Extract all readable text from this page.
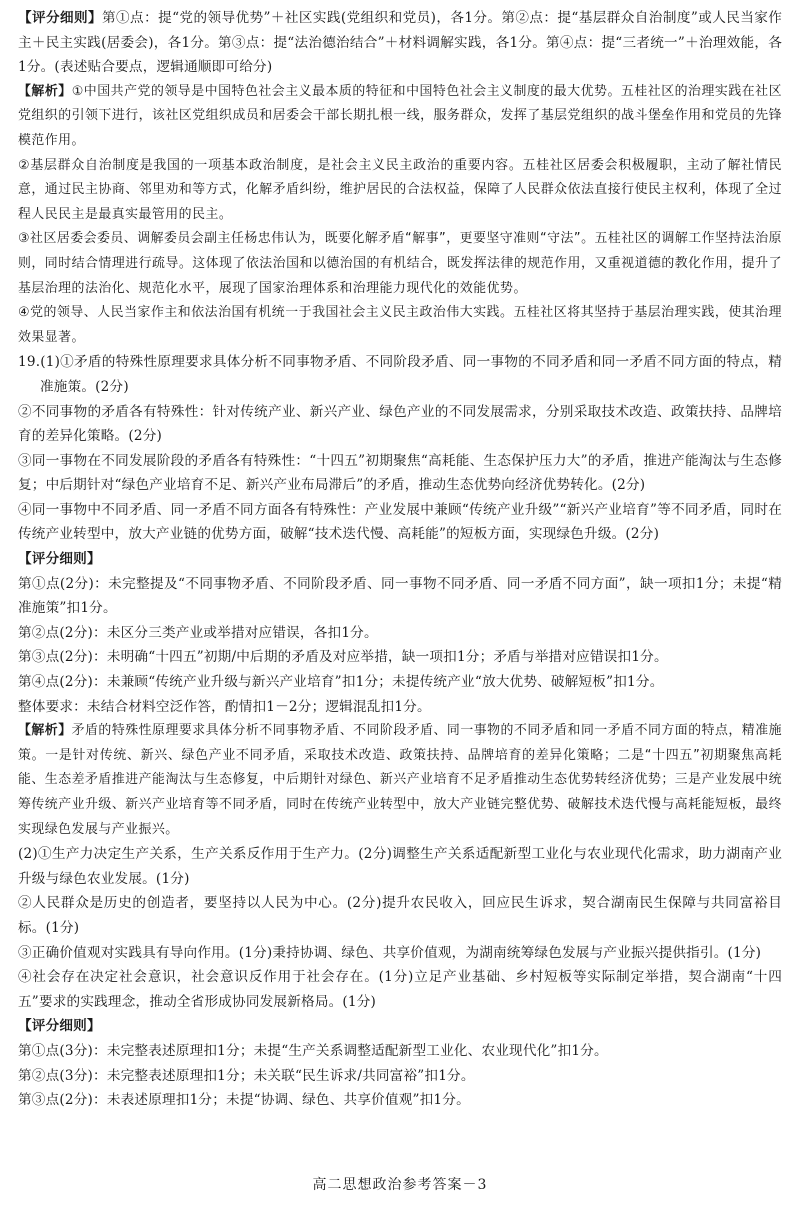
【评分细则】第①点：提“党的领导优势”＋社区实践(党组织和党员)，各1分。第②点：提“基层群众自治制度”或人民当家作主＋民主实践(居委会)，各1分。第③点：提“法治德治结合”＋材料调解实践，各1分。第④点：提“三者统一”＋治理效能，各1分。(表述贴合要点，逻辑通顺即可给分)

【解析】①中国共产党的领导是中国特色社会主义最本质的特征和中国特色社会主义制度的最大优势。五桂社区的治理实践在社区党组织的引领下进行，该社区党组织成员和居委会干部长期扎根一线，服务群众，发挥了基层党组织的战斗堡垒作用和党员的先锋模范作用。

②基层群众自治制度是我国的一项基本政治制度，是社会主义民主政治的重要内容。五桂社区居委会积极履职，主动了解社情民意，通过民主协商、邻里劝和等方式，化解矛盾纠纷，维护居民的合法权益，保障了人民群众依法直接行使民主权利，体现了全过程人民民主是最真实最管用的民主。

③社区居委会委员、调解委员会副主任杨忠伟认为，既要化解矛盾“解事”，更要坚守准则“守法”。五桂社区的调解工作坚持法治原则，同时结合情理进行疏导。这体现了依法治国和以德治国的有机结合，既发挥法律的规范作用，又重视道德的教化作用，提升了基层治理的法治化、规范化水平，展现了国家治理体系和治理能力现代化的效能优势。

④党的领导、人民当家作主和依法治国有机统一于我国社会主义民主政治伟大实践。五桂社区将其坚持于基层治理实践，使其治理效果显著。

19.(1)①矛盾的特殊性原理要求具体分析不同事物矛盾、不同阶段矛盾、同一事物的不同矛盾和同一矛盾不同方面的特点，精准施策。(2分)

②不同事物的矛盾各有特殊性：针对传统产业、新兴产业、绿色产业的不同发展需求，分别采取技术改造、政策扶持、品牌培育的差异化策略。(2分)

③同一事物在不同发展阶段的矛盾各有特殊性：“十四五”初期聚焦“高耗能、生态保护压力大”的矛盾，推进产能淘汰与生态修复；中后期针对“绿色产业培育不足、新兴产业布局滞后”的矛盾，推动生态优势向经济优势转化。(2分)

④同一事物中不同矛盾、同一矛盾不同方面各有特殊性：产业发展中兼顾“传统产业升级”“新兴产业培育”等不同矛盾，同时在传统产业转型中，放大产业链的优势方面，破解“技术迭代慢、高耗能”的短板方面，实现绿色升级。(2分)

【评分细则】

第①点(2分)：未完整提及“不同事物矛盾、不同阶段矛盾、同一事物不同矛盾、同一矛盾不同方面”，缺一项扣1分；未提“精准施策”扣1分。

第②点(2分)：未区分三类产业或举措对应错误，各扣1分。

第③点(2分)：未明确“十四五”初期/中后期的矛盾及对应举措，缺一项扣1分；矛盾与举措对应错误扣1分。

第④点(2分)：未兼顾“传统产业升级与新兴产业培育”扣1分；未提传统产业“放大优势、破解短板”扣1分。

整体要求：未结合材料空泛作答，酌情扣1－2分；逻辑混乱扣1分。

【解析】矛盾的特殊性原理要求具体分析不同事物矛盾、不同阶段矛盾、同一事物的不同矛盾和同一矛盾不同方面的特点，精准施策。一是针对传统、新兴、绿色产业不同矛盾，采取技术改造、政策扶持、品牌培育的差异化策略；二是“十四五”初期聚焦高耗能、生态差矛盾推进产能淘汰与生态修复，中后期针对绿色、新兴产业培育不足矛盾推动生态优势转经济优势；三是产业发展中统筹传统产业升级、新兴产业培育等不同矛盾，同时在传统产业转型中，放大产业链完整优势、破解技术迭代慢与高耗能短板，最终实现绿色发展与产业振兴。

(2)①生产力决定生产关系，生产关系反作用于生产力。(2分)调整生产关系适配新型工业化与农业现代化需求，助力湖南产业升级与绿色农业发展。(1分)

②人民群众是历史的创造者，要坚持以人民为中心。(2分)提升农民收入，回应民生诉求，契合湖南民生保障与共同富裕目标。(1分)

③正确价值观对实践具有导向作用。(1分)秉持协调、绿色、共享价值观，为湖南统筹绿色发展与产业振兴提供指引。(1分)

④社会存在决定社会意识，社会意识反作用于社会存在。(1分)立足产业基础、乡村短板等实际制定举措，契合湖南“十四五”要求的实践理念，推动全省形成协同发展新格局。(1分)

【评分细则】

第①点(3分)：未完整表述原理扣1分；未提“生产关系调整适配新型工业化、农业现代化”扣1分。

第②点(3分)：未完整表述原理扣1分；未关联“民生诉求/共同富裕”扣1分。

第③点(2分)：未表述原理扣1分；未提“协调、绿色、共享价值观”扣1分。

高二思想政治参考答案－3
